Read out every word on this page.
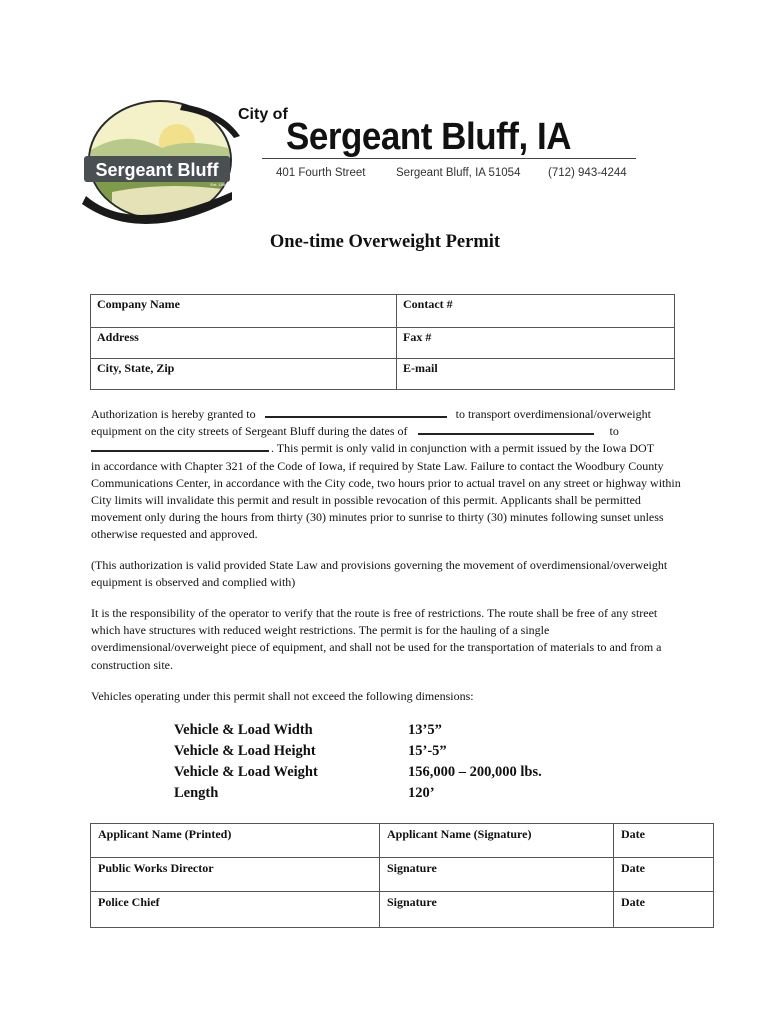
Sergeant Bluff
Est. 1880
City of
Sergeant Bluff, IA
401 Fourth Street	Sergeant Bluff, IA 51054 (712) 943-4244
One-time Overweight Permit
Company Name	Contact #
Address	Fax #
City, State, Zip	E-mail
Authorization is hereby granted to	to transport overdimensional/overweight
equipment on the city streets of Sergeant Bluff during the dates of	to
. This permit is only valid in conjunction with a permit issued by the Iowa DOT
in accordance with Chapter 321 of the Code of Iowa, if required by State Law. Failure to contact the Woodbury County Communications Center, in accordance with the City code, two hours prior to actual travel on any street or highway within City limits will invalidate this permit and result in possible revocation of this permit. Applicants shall be permitted movement only during the hours from thirty (30) minutes prior to sunrise to thirty (30) minutes following sunset unless otherwise requested and approved.
(This authorization is valid provided State Law and provisions governing the movement of overdimensional/overweight equipment is observed and complied with)
It is the responsibility of the operator to verify that the route is free of restrictions. The route shall be free of any street which have structures with reduced weight restrictions. The permit is for the hauling of a single overdimensional/overweight piece of equipment, and shall not be used for the transportation of materials to and from a construction site.
Vehicles operating under this permit shall not exceed the following dimensions:
Vehicle & Load Width	13’5”
Vehicle & Load Height	15’-5”
Vehicle & Load Weight	156,000 – 200,000 lbs.
Length	120’
Applicant Name (Printed)	Applicant Name (Signature)	Date
Public Works Director	Signature	Date
Police Chief	Signature	Date
